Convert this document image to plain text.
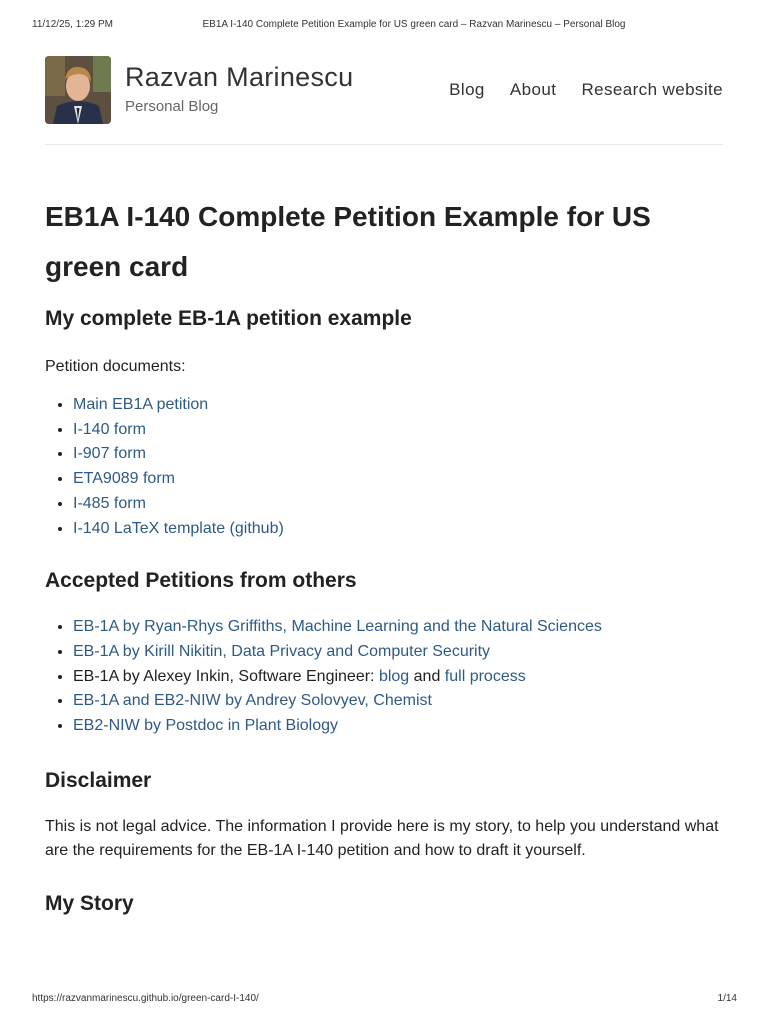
11/12/25, 1:29 PM	EB1A I-140 Complete Petition Example for US green card – Razvan Marinescu – Personal Blog
Razvan Marinescu
Personal Blog
Blog About Research website
EB1A I-140 Complete Petition Example for US green card
My complete EB-1A petition example

Petition documents:

• Main EB1A petition
• I-140 form
• I-907 form
• ETA9089 form
• I-485 form
• I-140 LaTeX template (github)
Accepted Petitions from others
• EB-1A by Ryan-Rhys Griffiths, Machine Learning and the Natural Sciences
• EB-1A by Kirill Nikitin, Data Privacy and Computer Security
• EB-1A by Alexey Inkin, Software Engineer: blog and full process
• EB-1A and EB2-NIW by Andrey Solovyev, Chemist
• EB2-NIW by Postdoc in Plant Biology
Disclaimer

This is not legal advice. The information I provide here is my story, to help you understand what are the requirements for the EB-1A I-140 petition and how to draft it yourself.

My Story
https://razvanmarinescu.github.io/green-card-I-140/	1/14
